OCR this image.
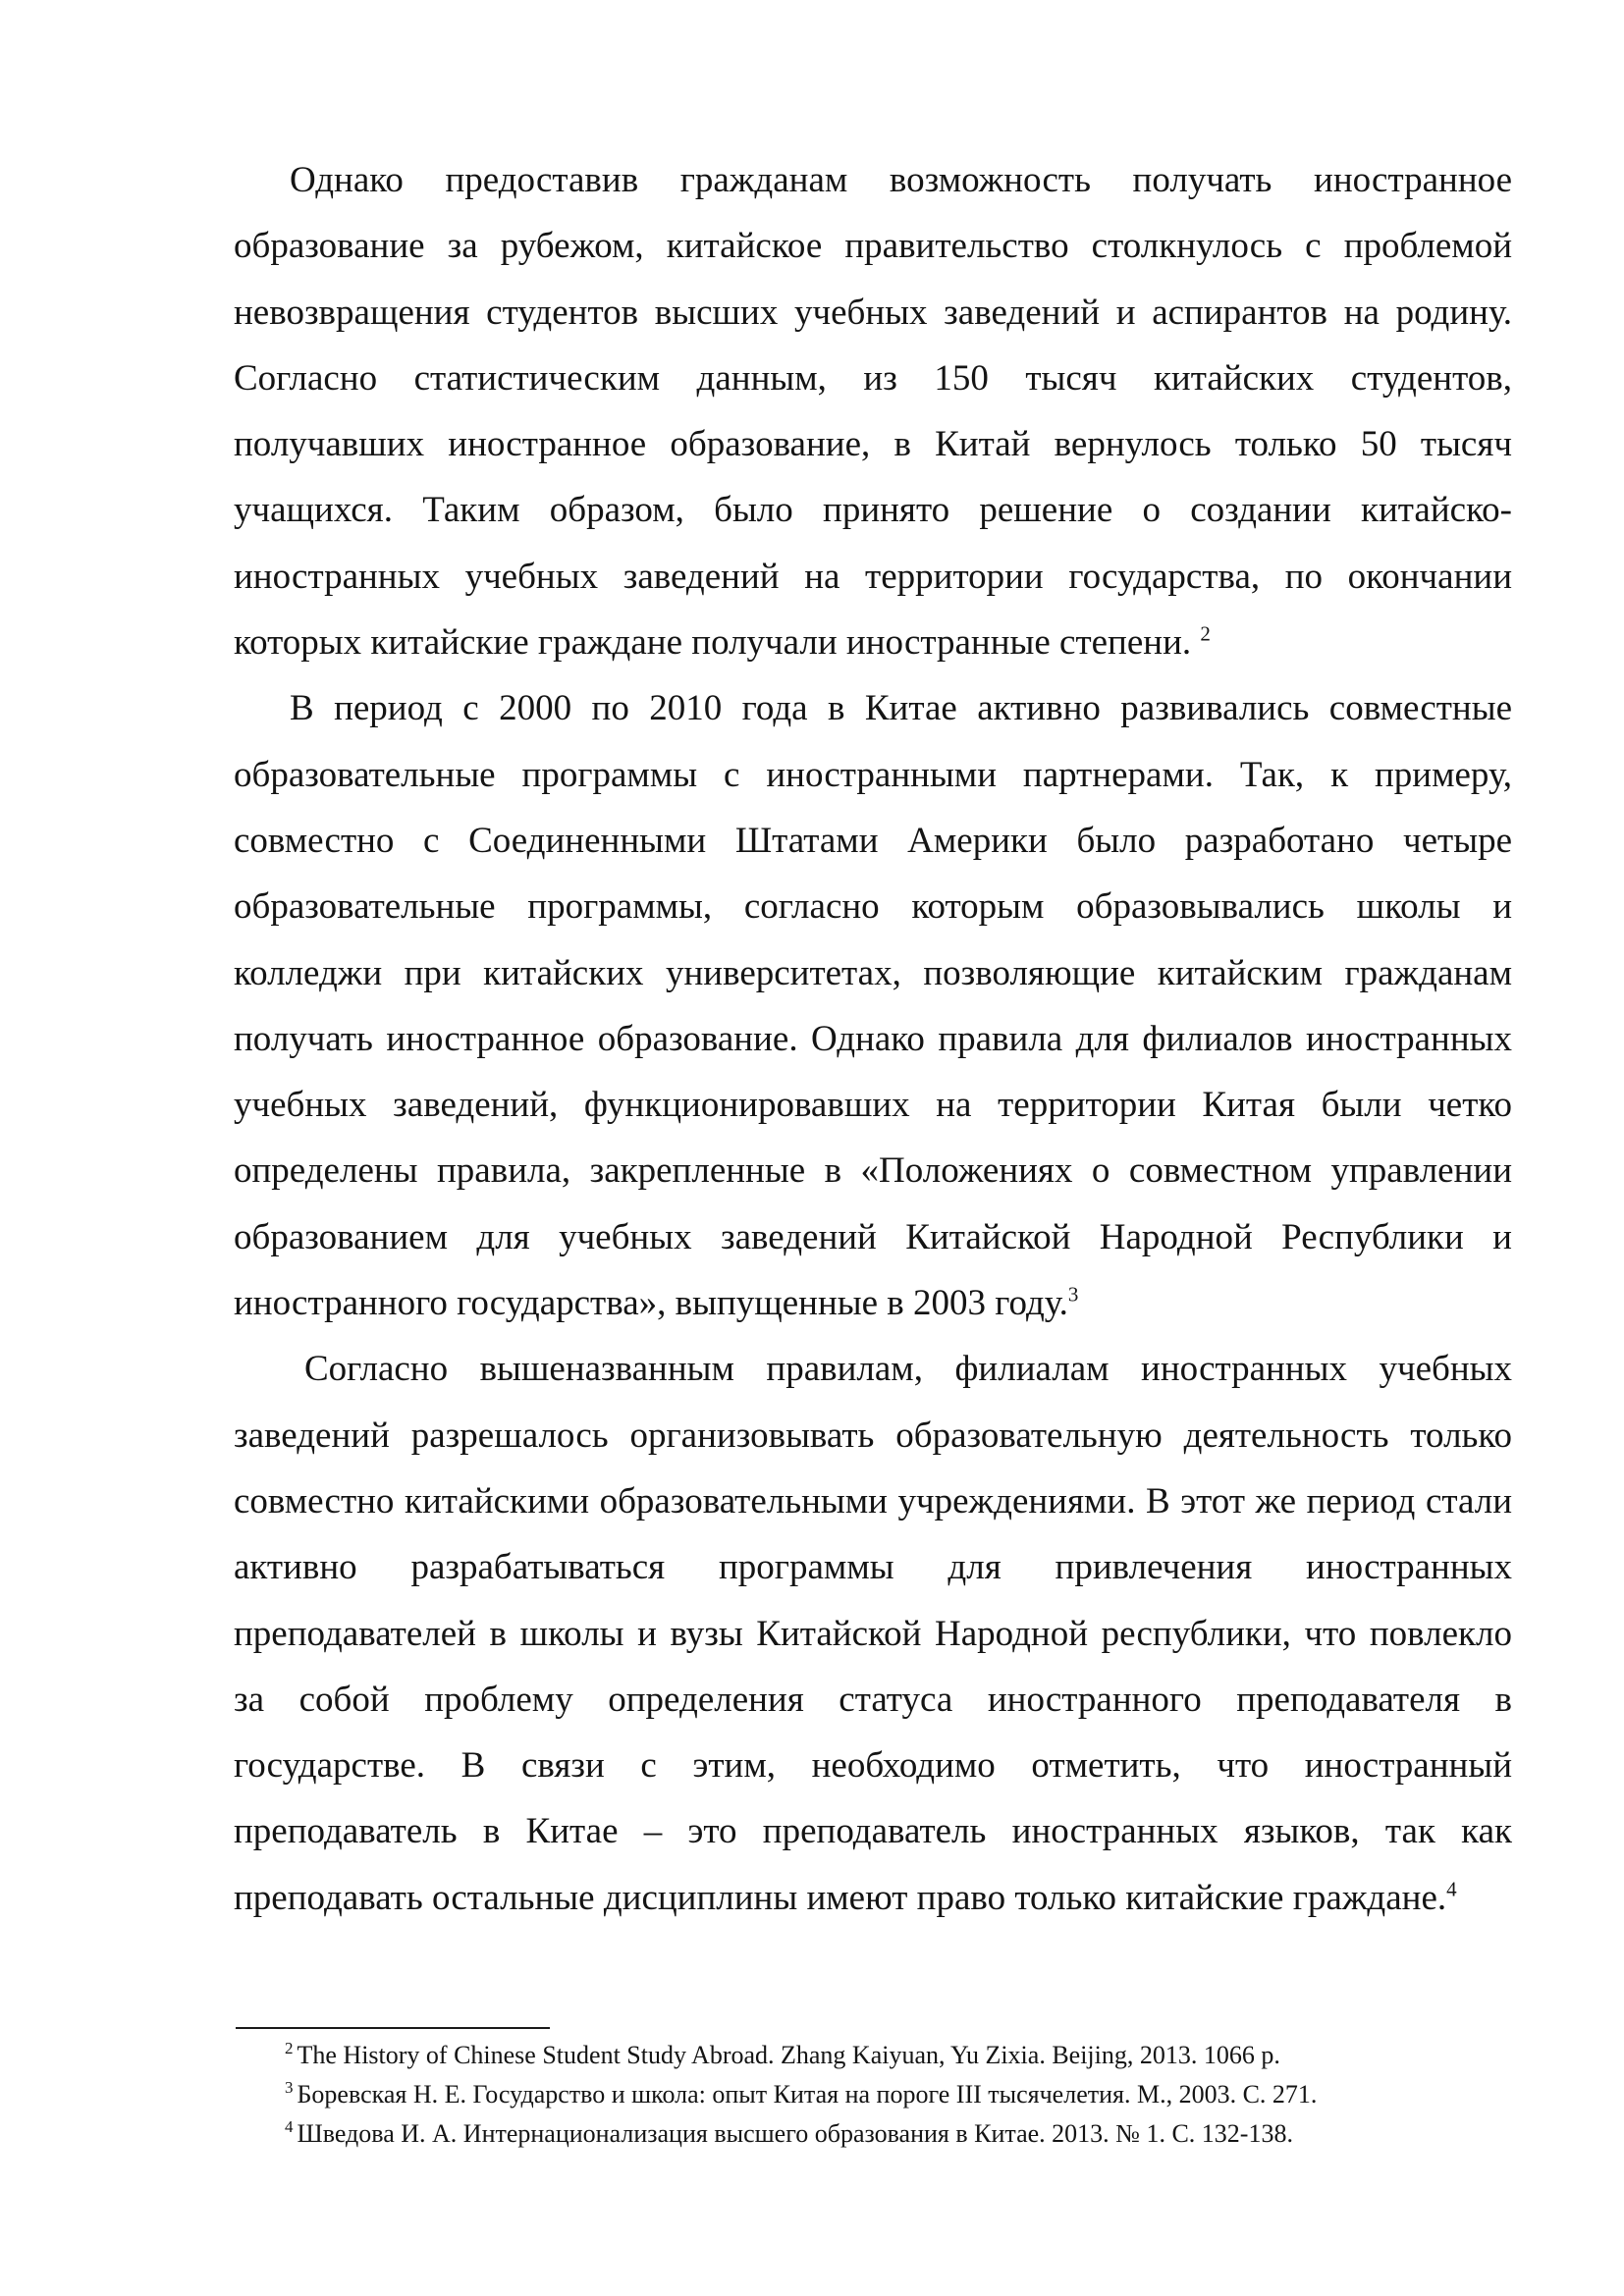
Однако предоставив гражданам возможность получать иностранное образование за рубежом, китайское правительство столкнулось с проблемой невозвращения студентов высших учебных заведений и аспирантов на родину. Согласно статистическим данным, из 150 тысяч китайских студентов, получавших иностранное образование, в Китай вернулось только 50 тысяч учащихся. Таким образом, было принято решение о создании китайско-иностранных учебных заведений на территории государства, по окончании которых китайские граждане получали иностранные степени. $^2$

В период с 2000 по 2010 года в Китае активно развивались совместные образовательные программы с иностранными партнерами. Так, к примеру, совместно с Соединенными Штатами Америки было разработано четыре образовательные программы, согласно которым образовывались школы и колледжи при китайских университетах, позволяющие китайским гражданам получать иностранное образование. Однако правила для филиалов иностранных учебных заведений, функционировавших на территории Китая были четко определены правила, закрепленные в «Положениях о совместном управлении образованием для учебных заведений Китайской Народной Республики и иностранного государства», выпущенные в 2003 году.$^3$

Согласно вышеназванным правилам, филиалам иностранных учебных заведений разрешалось организовывать образовательную деятельность только совместно китайскими образовательными учреждениями. В этот же период стали активно разрабатываться программы для привлечения иностранных преподавателей в школы и вузы Китайской Народной республики, что повлекло за собой проблему определения статуса иностранного преподавателя в государстве. В связи с этим, необходимо отметить, что иностранный преподаватель в Китае – это преподаватель иностранных языков, так как преподавать остальные дисциплины имеют право только китайские граждане.$^4$

$^2$ The History of Chinese Student Study Abroad. Zhang Kaiyuan, Yu Zixia. Beijing, 2013. 1066 p.

$^3$ Боревская Н. Е. Государство и школа: опыт Китая на пороге III тысячелетия. М., 2003. С. 271.

$^4$ Шведова И. А. Интернационализация высшего образования в Китае. 2013. № 1. С. 132-138.
